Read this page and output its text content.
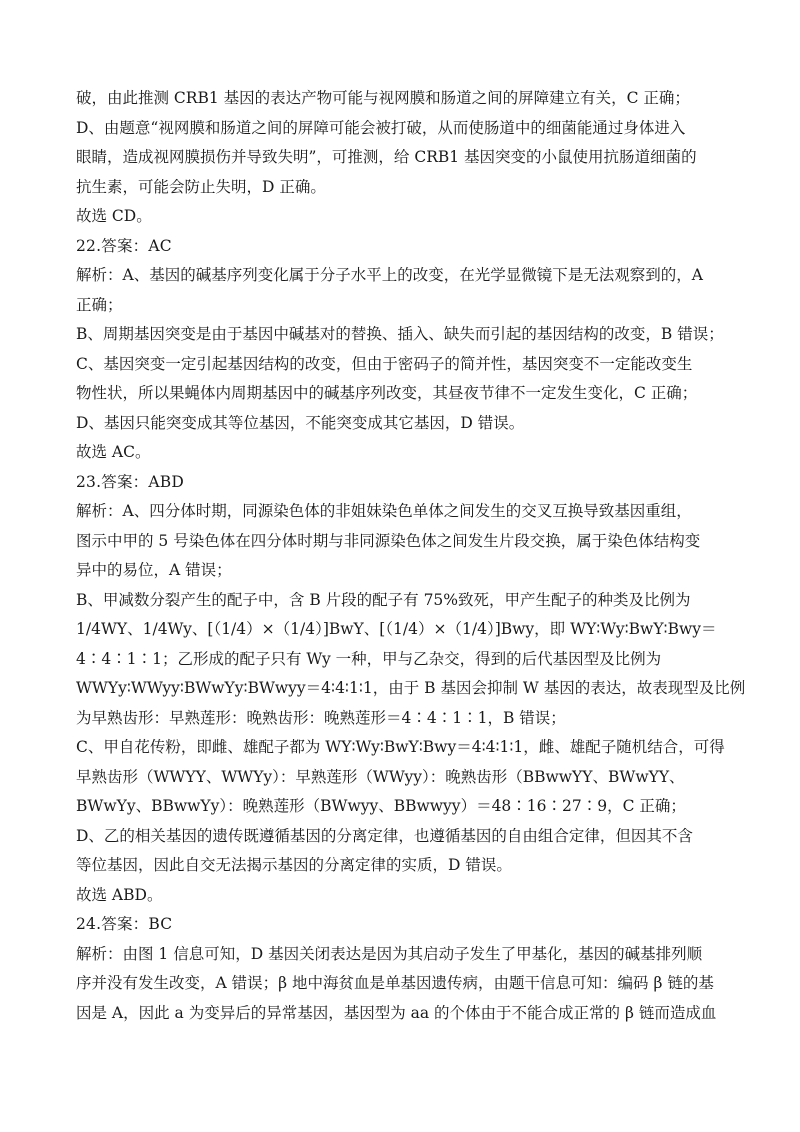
破，由此推测 CRB1 基因的表达产物可能与视网膜和肠道之间的屏障建立有关，C 正确；
D、由题意“视网膜和肠道之间的屏障可能会被打破，从而使肠道中的细菌能通过身体进入
眼睛，造成视网膜损伤并导致失明”，可推测，给 CRB1 基因突变的小鼠使用抗肠道细菌的
抗生素，可能会防止失明，D 正确。
故选 CD。
22.答案：AC
解析：A、基因的碱基序列变化属于分子水平上的改变，在光学显微镜下是无法观察到的，A
正确；
B、周期基因突变是由于基因中碱基对的替换、插入、缺失而引起的基因结构的改变，B 错误；
C、基因突变一定引起基因结构的改变，但由于密码子的简并性，基因突变不一定能改变生
物性状，所以果蝇体内周期基因中的碱基序列改变，其昼夜节律不一定发生变化，C 正确；
D、基因只能突变成其等位基因，不能突变成其它基因，D 错误。
故选 AC。
23.答案：ABD
解析：A、四分体时期，同源染色体的非姐妹染色单体之间发生的交叉互换导致基因重组，
图示中甲的 5 号染色体在四分体时期与非同源染色体之间发生片段交换，属于染色体结构变
异中的易位，A 错误；
B、甲减数分裂产生的配子中，含 B 片段的配子有 75%致死，甲产生配子的种类及比例为
1/4WY、1/4Wy、[（1/4）×（1/4）]BwY、[（1/4）×（1/4）]Bwy，即 WY∶Wy∶BwY∶Bwy＝
4∶4∶1∶1；乙形成的配子只有 Wy 一种，甲与乙杂交，得到的后代基因型及比例为
WWYy∶WWyy∶BWwYy∶BWwyy＝4∶4∶1∶1，由于 B 基因会抑制 W 基因的表达，故表现型及比例
为早熟齿形：早熟莲形：晚熟齿形：晚熟莲形＝4∶4∶1∶1，B 错误；
C、甲自花传粉，即雌、雄配子都为 WY∶Wy∶BwY∶Bwy＝4∶4∶1∶1，雌、雄配子随机结合，可得
早熟齿形（WWYY、WWYy）：早熟莲形（WWyy）：晚熟齿形（BBwwYY、BWwYY、
BWwYy、BBwwYy）：晚熟莲形（BWwyy、BBwwyy）＝48∶16∶27∶9，C 正确；
D、乙的相关基因的遗传既遵循基因的分离定律，也遵循基因的自由组合定律，但因其不含
等位基因，因此自交无法揭示基因的分离定律的实质，D 错误。
故选 ABD。
24.答案：BC
解析：由图 1 信息可知，D 基因关闭表达是因为其启动子发生了甲基化，基因的碱基排列顺
序并没有发生改变，A 错误；β 地中海贫血是单基因遗传病，由题干信息可知：编码 β 链的基
因是 A，因此 a 为变异后的异常基因，基因型为 aa 的个体由于不能合成正常的 β 链而造成血
